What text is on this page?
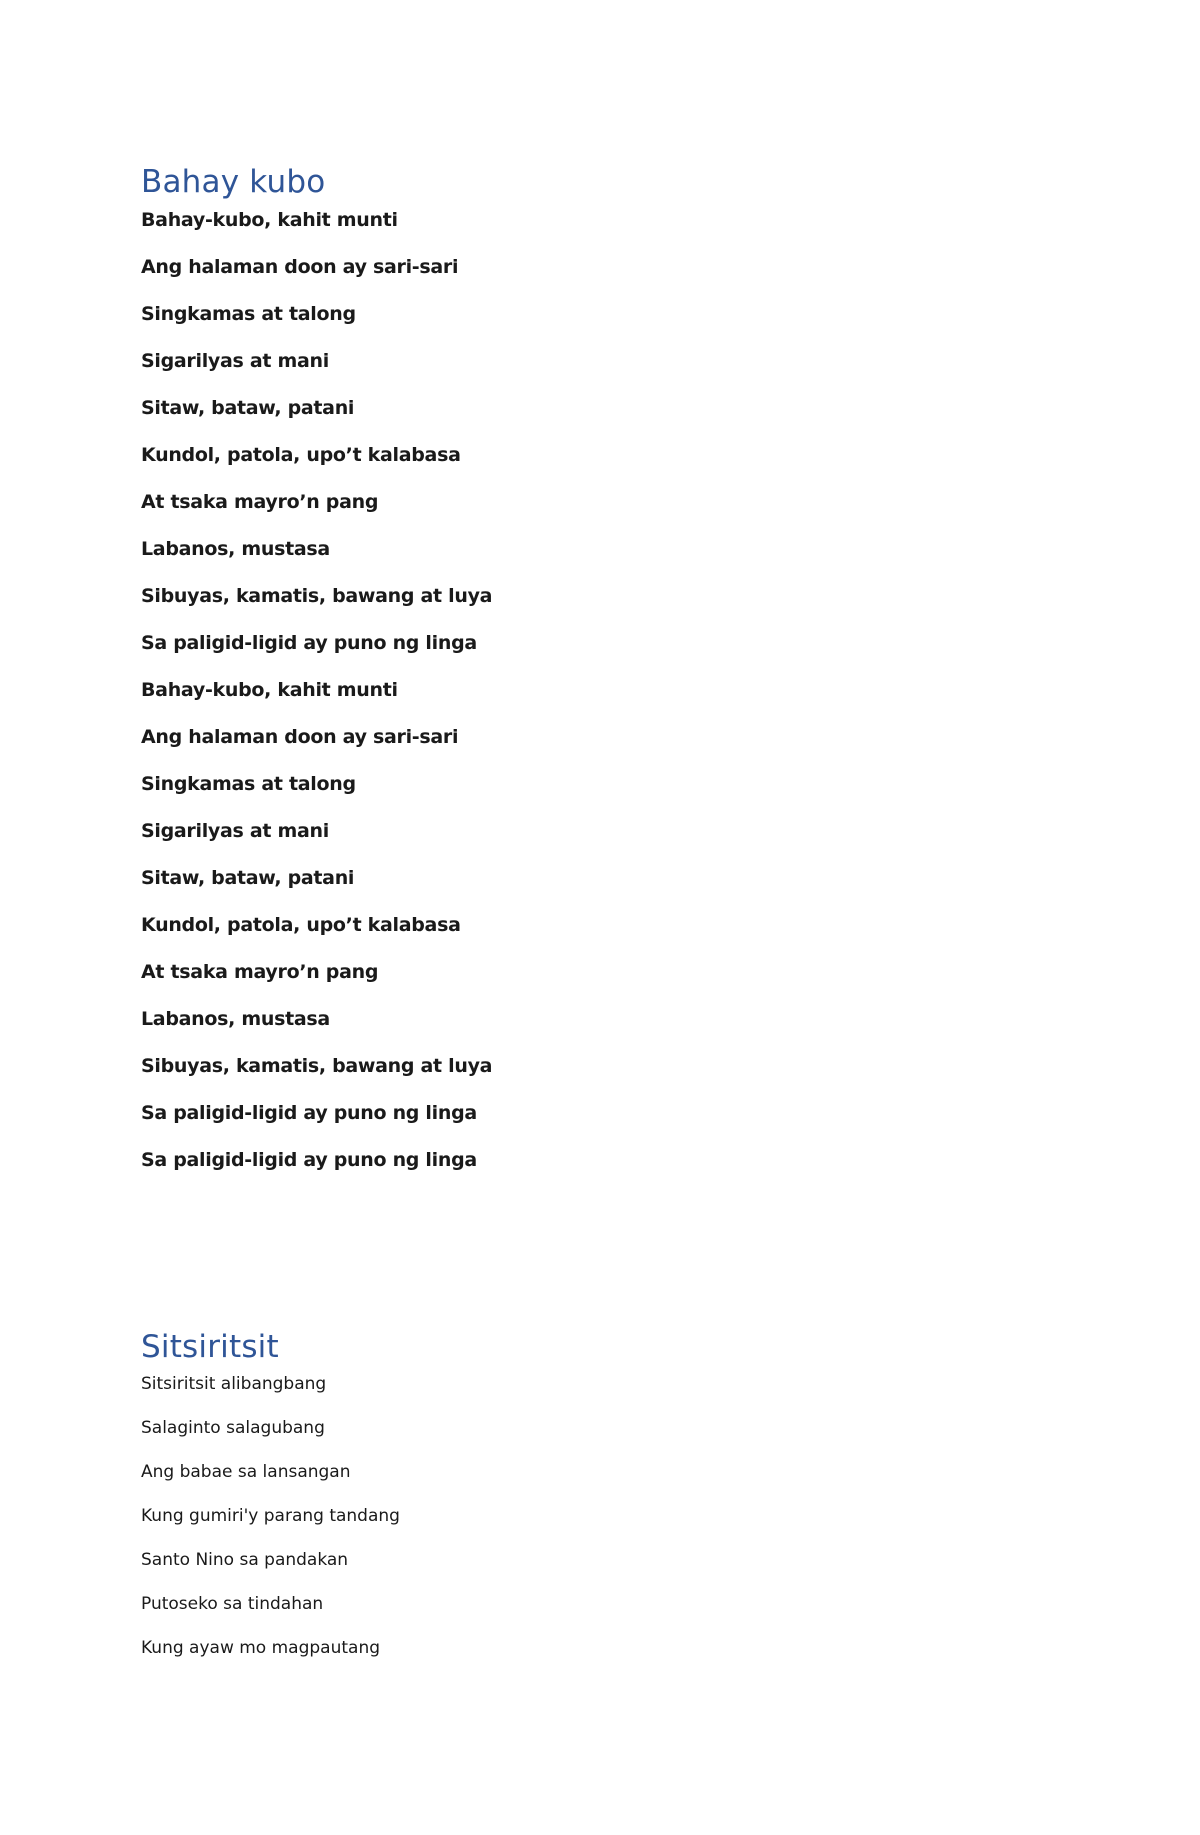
Bahay kubo
Bahay-kubo, kahit munti
Ang halaman doon ay sari-sari
Singkamas at talong
Sigarilyas at mani
Sitaw, bataw, patani
Kundol, patola, upo’t kalabasa
At tsaka mayro’n pang
Labanos, mustasa
Sibuyas, kamatis, bawang at luya
Sa paligid-ligid ay puno ng linga
Bahay-kubo, kahit munti
Ang halaman doon ay sari-sari
Singkamas at talong
Sigarilyas at mani
Sitaw, bataw, patani
Kundol, patola, upo’t kalabasa
At tsaka mayro’n pang
Labanos, mustasa
Sibuyas, kamatis, bawang at luya
Sa paligid-ligid ay puno ng linga
Sa paligid-ligid ay puno ng linga
Sitsiritsit
Sitsiritsit alibangbang
Salaginto salagubang
Ang babae sa lansangan
Kung gumiri'y parang tandang
Santo Nino sa pandakan
Putoseko sa tindahan
Kung ayaw mo magpautang
